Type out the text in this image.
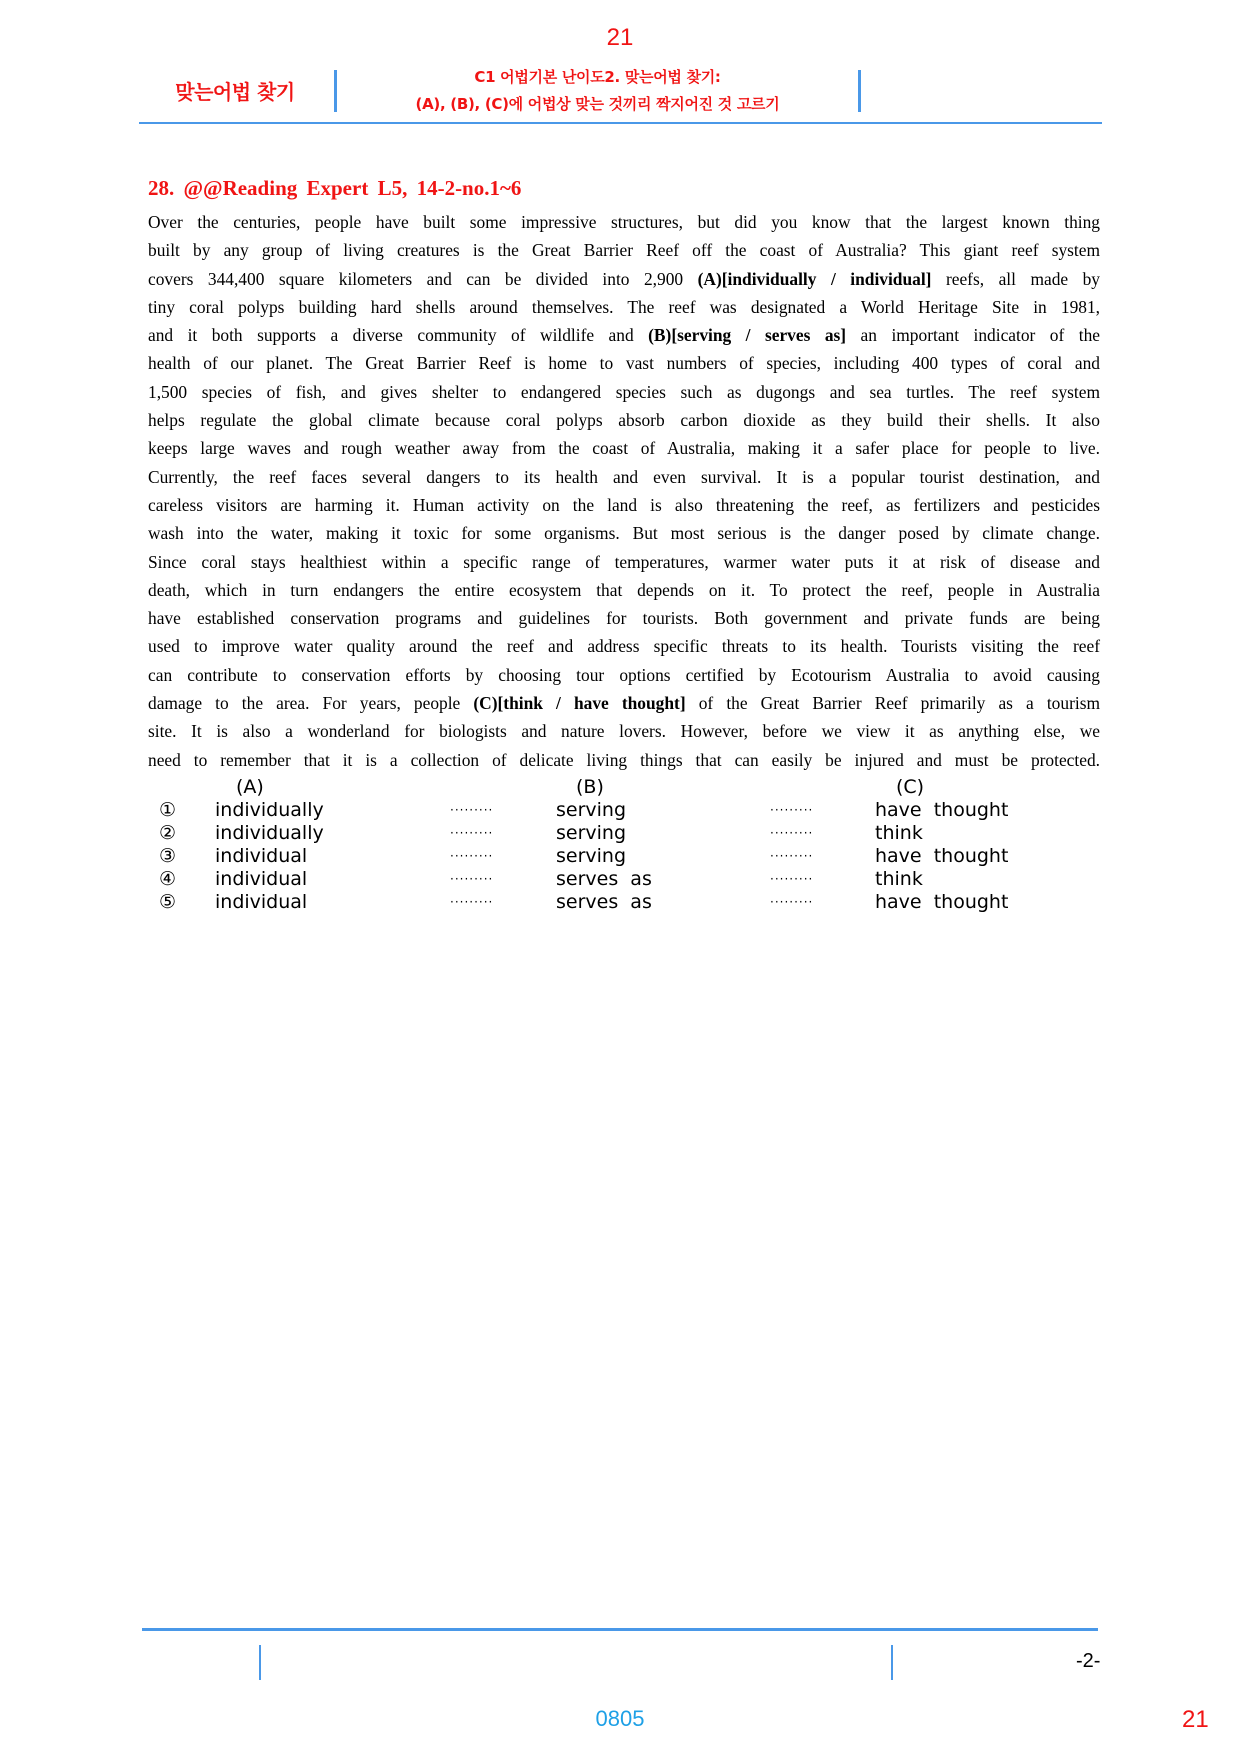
21
맞는어법 찾기
C1 어법기본 난이도2. 맞는어법 찾기:
(A), (B), (C)에 어법상 맞는 것끼리 짝지어진 것 고르기
28. @@Reading Expert L5, 14-2-no.1~6
Over the centuries, people have built some impressive structures, but did you know that the largest known thing
built by any group of living creatures is the Great Barrier Reef off the coast of Australia? This giant reef system
covers 344,400 square kilometers and can be divided into 2,900 (A)[individually / individual] reefs, all made by
tiny coral polyps building hard shells around themselves. The reef was designated a World Heritage Site in 1981,
and it both supports a diverse community of wildlife and (B)[serving / serves as] an important indicator of the
health of our planet. The Great Barrier Reef is home to vast numbers of species, including 400 types of coral and
1,500 species of fish, and gives shelter to endangered species such as dugongs and sea turtles. The reef system
helps regulate the global climate because coral polyps absorb carbon dioxide as they build their shells. It also
keeps large waves and rough weather away from the coast of Australia, making it a safer place for people to live.
Currently, the reef faces several dangers to its health and even survival. It is a popular tourist destination, and
careless visitors are harming it. Human activity on the land is also threatening the reef, as fertilizers and pesticides
wash into the water, making it toxic for some organisms. But most serious is the danger posed by climate change.
Since coral stays healthiest within a specific range of temperatures, warmer water puts it at risk of disease and
death, which in turn endangers the entire ecosystem that depends on it. To protect the reef, people in Australia
have established conservation programs and guidelines for tourists. Both government and private funds are being
used to improve water quality around the reef and address specific threats to its health. Tourists visiting the reef
can contribute to conservation efforts by choosing tour options certified by Ecotourism Australia to avoid causing
damage to the area. For years, people (C)[think / have thought] of the Great Barrier Reef primarily as a tourism
site. It is also a wonderland for biologists and nature lovers. However, before we view it as anything else, we
need to remember that it is a collection of delicate living things that can easily be injured and must be protected.
(A)	(B)	(C)
① individually	·········	serving	·········	have  thought
② individually	·········	serving	·········	think
③ individual	·········	serving	·········	have  thought
④ individual	·········	serves  as	·········	think
⑤ individual	·········	serves  as	·········	have  thought
-2-
0805	21
